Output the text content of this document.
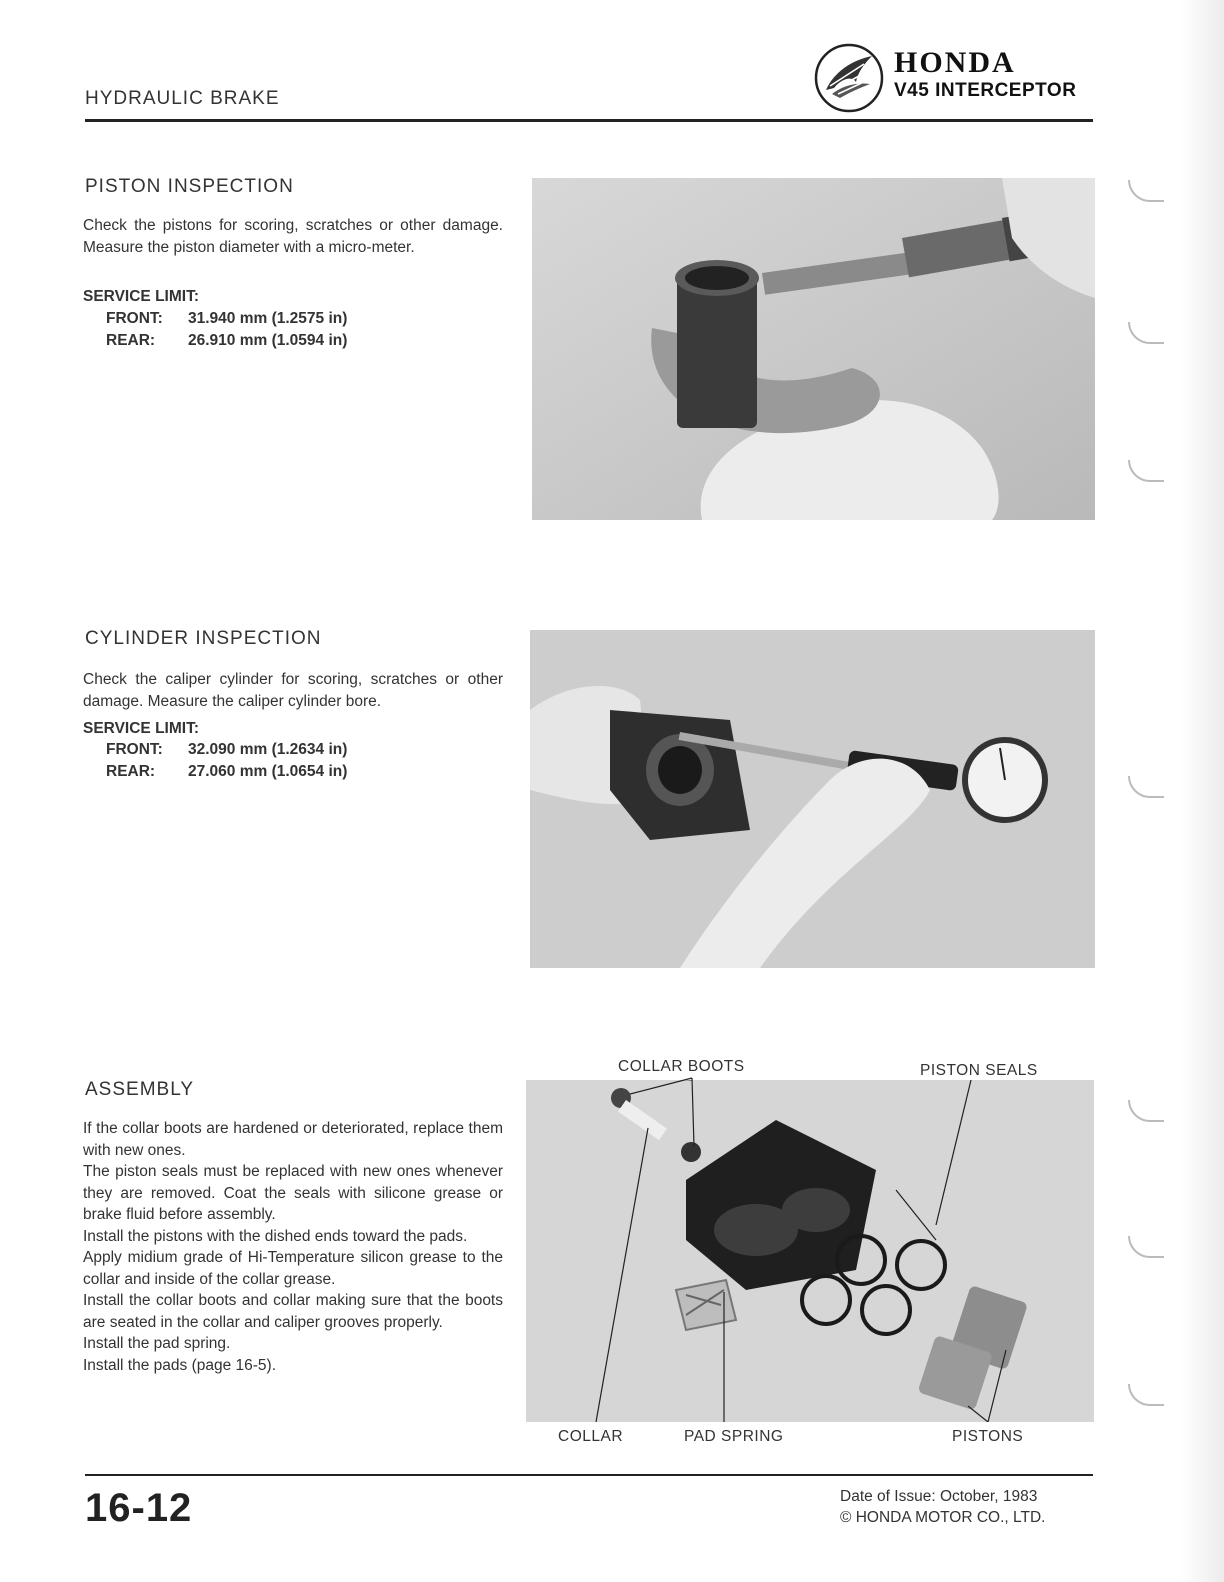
HYDRAULIC BRAKE
HONDA
V45 INTERCEPTOR
PISTON INSPECTION

Check the pistons for scoring, scratches or other damage. Measure the piston diameter with a micro-meter.

SERVICE LIMIT:
FRONT: 31.940 mm (1.2575 in)
REAR: 26.910 mm (1.0594 in)
CYLINDER INSPECTION

Check the caliper cylinder for scoring, scratches or other damage. Measure the caliper cylinder bore.

SERVICE LIMIT:
FRONT: 32.090 mm (1.2634 in)
REAR: 27.060 mm (1.0654 in)
ASSEMBLY

If the collar boots are hardened or deteriorated, replace them with new ones.

The piston seals must be replaced with new ones whenever they are removed. Coat the seals with silicone grease or brake fluid before assembly.

Install the pistons with the dished ends toward the pads.

Apply midium grade of Hi-Temperature silicon grease to the collar and inside of the collar grease.

Install the collar boots and collar making sure that the boots are seated in the collar and caliper grooves properly.

Install the pad spring.

Install the pads (page 16-5).

COLLAR BOOTS	PISTON SEALS
COLLAR	PAD SPRING	PISTONS
16-12	Date of Issue: October, 1983
© HONDA MOTOR CO., LTD.
